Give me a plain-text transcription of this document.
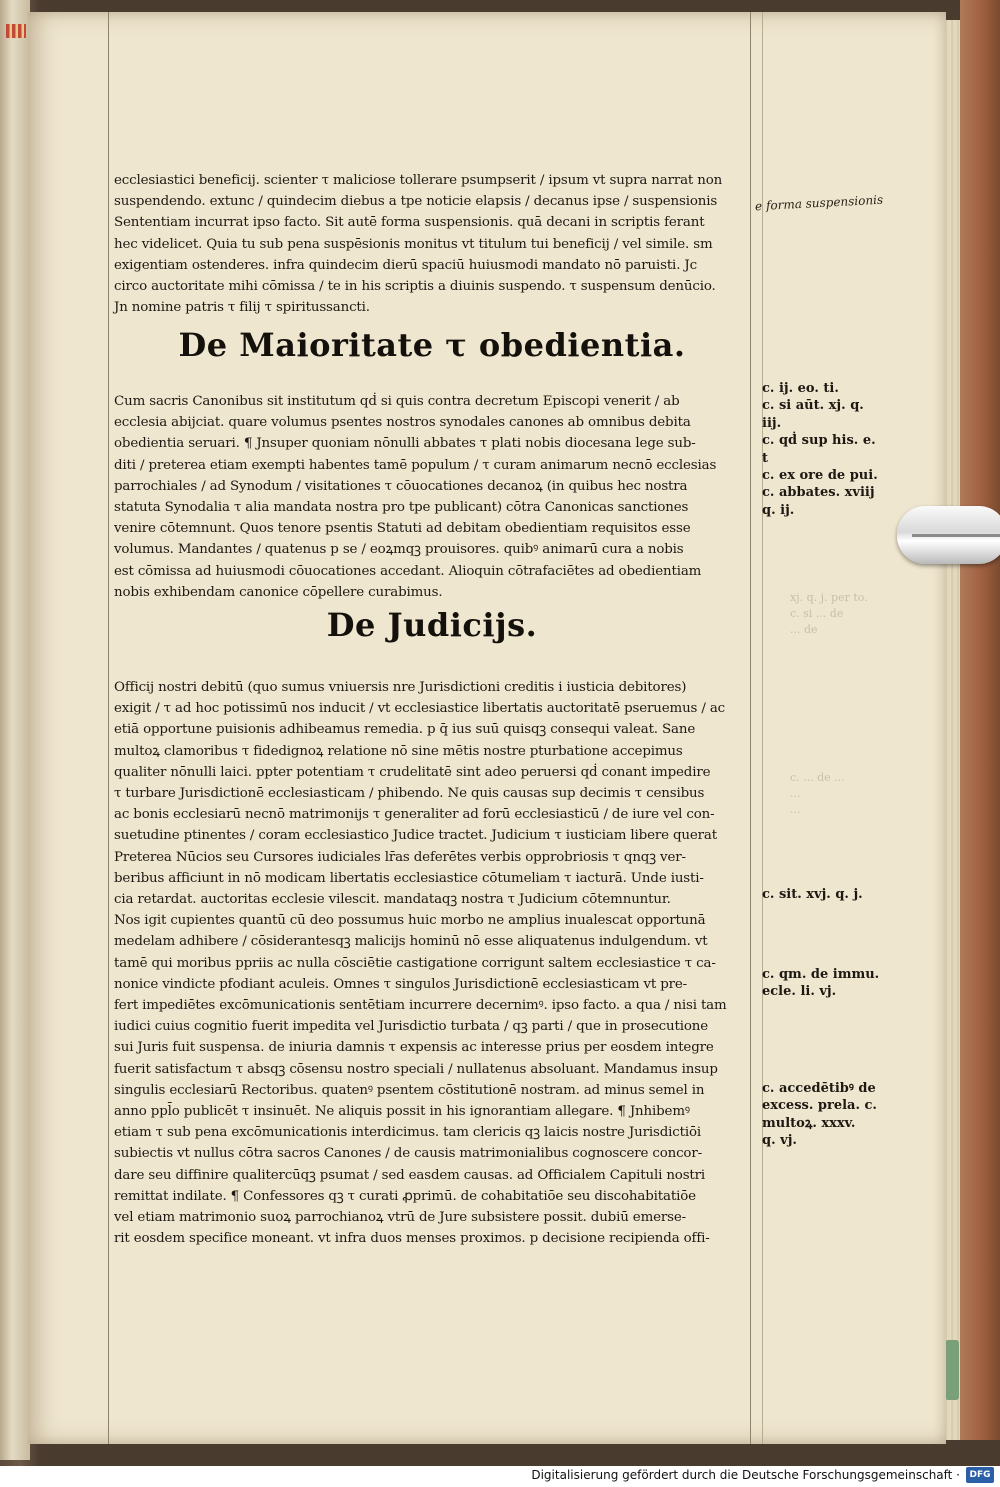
xj. q. j. per to.
c. si ... de
... de
c. ... de ...
...
...
ecclesiastici beneficij. scienter τ maliciose tollerare psumpserit / ipsum vt supra narrat non
suspendendo. extunc / quindecim diebus a tpe noticie elapsis / decanus ipse / suspensionis
Sententiam incurrat ipso facto. Sit autē forma suspensionis. quā decani in scriptis ferant
hec videlicet. Quia tu sub pena suspēsionis monitus vt titulum tui beneficij / vel simile. sm
exigentiam ostenderes. infra quindecim dierū spaciū huiusmodi mandato nō paruisti. Jc
circo auctoritate mihi cōmissa / te in his scriptis a diuinis suspendo. τ suspensum denūcio.
Jn nomine patris τ filij τ spiritussancti.
e forma suspensionis
De Maioritate τ obedientia.
Cum sacris Canonibus sit institutum qḋ si quis contra decretum Episcopi venerit / ab
ecclesia abijciat. quare volumus psentes nostros synodales canones ab omnibus debita
obedientia seruari. ¶ Jnsuper quoniam nōnulli abbates τ plati nobis diocesana lege sub-
diti / preterea etiam exempti habentes tamē populum / τ curam animarum necnō ecclesias
parrochiales / ad Synodum / visitationes τ cōuocationes decanoꝝ (in quibus hec nostra
statuta Synodalia τ alia mandata nostra pro tpe publicant) cōtra Canonicas sanctiones
venire cōtemnunt. Quos tenore psentis Statuti ad debitam obedientiam requisitos esse
volumus. Mandantes / quatenus p se / eoꝝmqꝫ prouisores. quibꝰ animarū cura a nobis
est cōmissa ad huiusmodi cōuocationes accedant. Alioquin cōtrafaciētes ad obedientiam
nobis exhibendam canonice cōpellere curabimus.
c. ij. eo. ti.
c. si aūt. xj. q. iij.
c. qḋ sup his. e. t
c. ex ore de pui.
c. abbates. xviij
q. ij.
De Judicijs.
Officij nostri debitū (quo sumus vniuersis nre Jurisdictioni creditis i iusticia debitores)
exigit / τ ad hoc potissimū nos inducit / vt ecclesiastice libertatis auctoritatē pseruemus / ac
etiā opportune puisionis adhibeamus remedia. p q̄ ius suū quisqꝫ consequi valeat. Sane
multoꝝ clamoribus τ fidedignoꝝ relatione nō sine mētis nostre pturbatione accepimus
qualiter nōnulli laici. ppter potentiam τ crudelitatē sint adeo peruersi qḋ conant impedire
τ turbare Jurisdictionē ecclesiasticam / phibendo. Ne quis causas sup decimis τ censibus
ac bonis ecclesiarū necnō matrimonijs τ generaliter ad forū ecclesiasticū / de iure vel con-
suetudine ptinentes / coram ecclesiastico Judice tractet. Judicium τ iusticiam libere querat
Preterea Nūcios seu Cursores iudiciales lr̄as deferētes verbis opprobriosis τ qnqꝫ ver-
beribus afficiunt in nō modicam libertatis ecclesiastice cōtumeliam τ iacturā. Unde iusti-
cia retardat. auctoritas ecclesie vilescit. mandataqꝫ nostra τ Judicium cōtemnuntur.
Nos igit cupientes quantū cū deo possumus huic morbo ne amplius inualescat opportunā
medelam adhibere / cōsiderantesqꝫ malicijs hominū nō esse aliquatenus indulgendum. vt
tamē qui moribus ppriis ac nulla cōsciētie castigatione corrigunt saltem ecclesiastice τ ca-
nonice vindicte pfodiant aculeis. Omnes τ singulos Jurisdictionē ecclesiasticam vt pre-
fert impediētes excōmunicationis sentētiam incurrere decernimꝰ. ipso facto. a qua / nisi tam
iudici cuius cognitio fuerit impedita vel Jurisdictio turbata / qꝫ parti / que in prosecutione
sui Juris fuit suspensa. de iniuria damnis τ expensis ac interesse prius per eosdem integre
fuerit satisfactum τ absqꝫ cōsensu nostro speciali / nullatenus absoluant. Mandamus insup
singulis ecclesiarū Rectoribus. quatenꝰ psentem cōstitutionē nostram. ad minus semel in
anno ppl̄o publicēt τ insinuēt. Ne aliquis possit in his ignorantiam allegare. ¶ Jnhibemꝰ
etiam τ sub pena excōmunicationis interdicimus. tam clericis qꝫ laicis nostre Jurisdictiōi
subiectis vt nullus cōtra sacros Canones / de causis matrimonialibus cognoscere concor-
dare seu diffinire qualitercūqꝫ psumat / sed easdem causas. ad Officialem Capituli nostri
remittat indilate. ¶ Confessores qꝫ τ curati ꝓprimū. de cohabitatiōe seu discohabitatiōe
vel etiam matrimonio suoꝝ parrochianoꝝ vtrū de Jure subsistere possit. dubiū emerse-
rit eosdem specifice moneant. vt infra duos menses proximos. p decisione recipienda offi-
c. sit. xvj. q. j.
c. qm. de immu.
ecle. li. vj.
c. accedētibꝰ de
excess. prela. c.
multoꝝ. xxxv.
q. vj.
Digitalisierung gefördert durch die Deutsche Forschungsgemeinschaft ·	DFG
